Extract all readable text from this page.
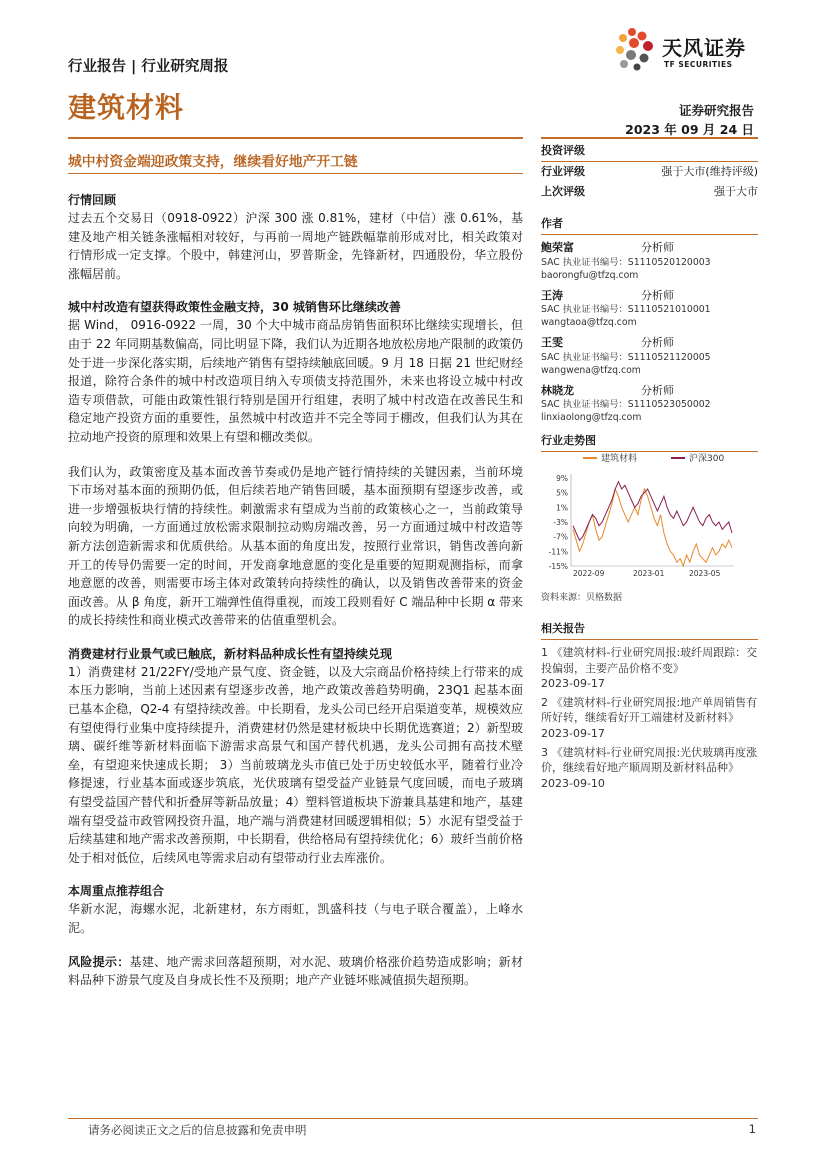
行业报告 | 行业研究周报
建筑材料
天风证券
TF SECURITIES
证券研究报告
2023 年 09 月 24 日
城中村资金端迎政策支持，继续看好地产开工链
行情回顾

过去五个交易日（0918-0922）沪深 300 涨 0.81%，建材（中信）涨 0.61%，基建及地产相关链条涨幅相对较好，与再前一周地产链跌幅靠前形成对比，相关政策对行情形成一定支撑。个股中，韩建河山，罗普斯金，先锋新材，四通股份，华立股份涨幅居前。

城中村改造有望获得政策性金融支持，30 城销售环比继续改善

据 Wind， 0916-0922 一周，30 个大中城市商品房销售面积环比继续实现增长，但由于 22 年同期基数偏高，同比明显下降，我们认为近期各地放松房地产限制的政策仍处于进一步深化落实期，后续地产销售有望持续触底回暖。9 月 18 日据 21 世纪财经报道，除符合条件的城中村改造项目纳入专项债支持范围外，未来也将设立城中村改造专项借款，可能由政策性银行特别是国开行组建，表明了城中村改造在改善民生和稳定地产投资方面的重要性，虽然城中村改造并不完全等同于棚改，但我们认为其在拉动地产投资的原理和效果上有望和棚改类似。

我们认为，政策密度及基本面改善节奏或仍是地产链行情持续的关键因素，当前环境下市场对基本面的预期仍低，但后续若地产销售回暖，基本面预期有望逐步改善，或进一步增强板块行情的持续性。刺激需求有望成为当前的政策核心之一，当前政策导向较为明确，一方面通过放松需求限制拉动购房端改善，另一方面通过城中村改造等新方法创造新需求和优质供给。从基本面的角度出发，按照行业常识，销售改善向新开工的传导仍需要一定的时间，开发商拿地意愿的变化是重要的短期观测指标，而拿地意愿的改善，则需要市场主体对政策转向持续性的确认，以及销售改善带来的资金面改善。从 β 角度，新开工端弹性值得重视，而竣工段则看好 C 端品种中长期 α 带来的成长持续性和商业模式改善带来的估值重塑机会。

消费建材行业景气或已触底，新材料品种成长性有望持续兑现

1）消费建材 21/22FY/受地产景气度、资金链，以及大宗商品价格持续上行带来的成本压力影响，当前上述因素有望逐步改善，地产政策改善趋势明确，23Q1 起基本面已基本企稳，Q2-4 有望持续改善。中长期看，龙头公司已经开启渠道变革，规模效应有望使得行业集中度持续提升，消费建材仍然是建材板块中长期优选赛道；2）新型玻璃、碳纤维等新材料面临下游需求高景气和国产替代机遇，龙头公司拥有高技术壁垒，有望迎来快速成长期； 3）当前玻璃龙头市值已处于历史较低水平，随着行业冷修提速，行业基本面或逐步筑底，光伏玻璃有望受益产业链景气度回暖，而电子玻璃有望受益国产替代和折叠屏等新品放量；4）塑料管道板块下游兼具基建和地产，基建端有望受益市政管网投资升温，地产端与消费建材回暖逻辑相似；5）水泥有望受益于后续基建和地产需求改善预期，中长期看，供给格局有望持续优化；6）玻纤当前价格处于相对低位，后续风电等需求启动有望带动行业去库涨价。

本周重点推荐组合

华新水泥，海螺水泥，北新建材，东方雨虹，凯盛科技（与电子联合覆盖），上峰水泥。

风险提示：基建、地产需求回落超预期，对水泥、玻璃价格涨价趋势造成影响；新材料品种下游景气度及自身成长性不及预期；地产产业链坏账减值损失超预期。

投资评级
行业评级	强于大市(维持评级)
上次评级	强于大市
作者
鲍荣富	分析师
SAC 执业证书编号：S1110520120003
baorongfu@tfzq.com
王涛	分析师
SAC 执业证书编号：S1110521010001
wangtaoa@tfzq.com
王雯	分析师
SAC 执业证书编号：S1110521120005
wangwena@tfzq.com
林晓龙	分析师
SAC 执业证书编号：S1110523050002
linxiaolong@tfzq.com
行业走势图
建筑材料	沪深300
9%
5%
1%
-3%
-7%
-11%
-15%
2022-09	2023-01	2023-05
资料来源：贝格数据
相关报告
1 《建筑材料-行业研究周报:玻纤周跟踪：交投偏弱，主要产品价格不变》
2023-09-17
2 《建筑材料-行业研究周报:地产单周销售有所好转，继续看好开工端建材及新材料》 2023-09-17
3 《建筑材料-行业研究周报:光伏玻璃再度涨价，继续看好地产顺周期及新材料品种》
2023-09-10
请务必阅读正文之后的信息披露和免责申明	1
